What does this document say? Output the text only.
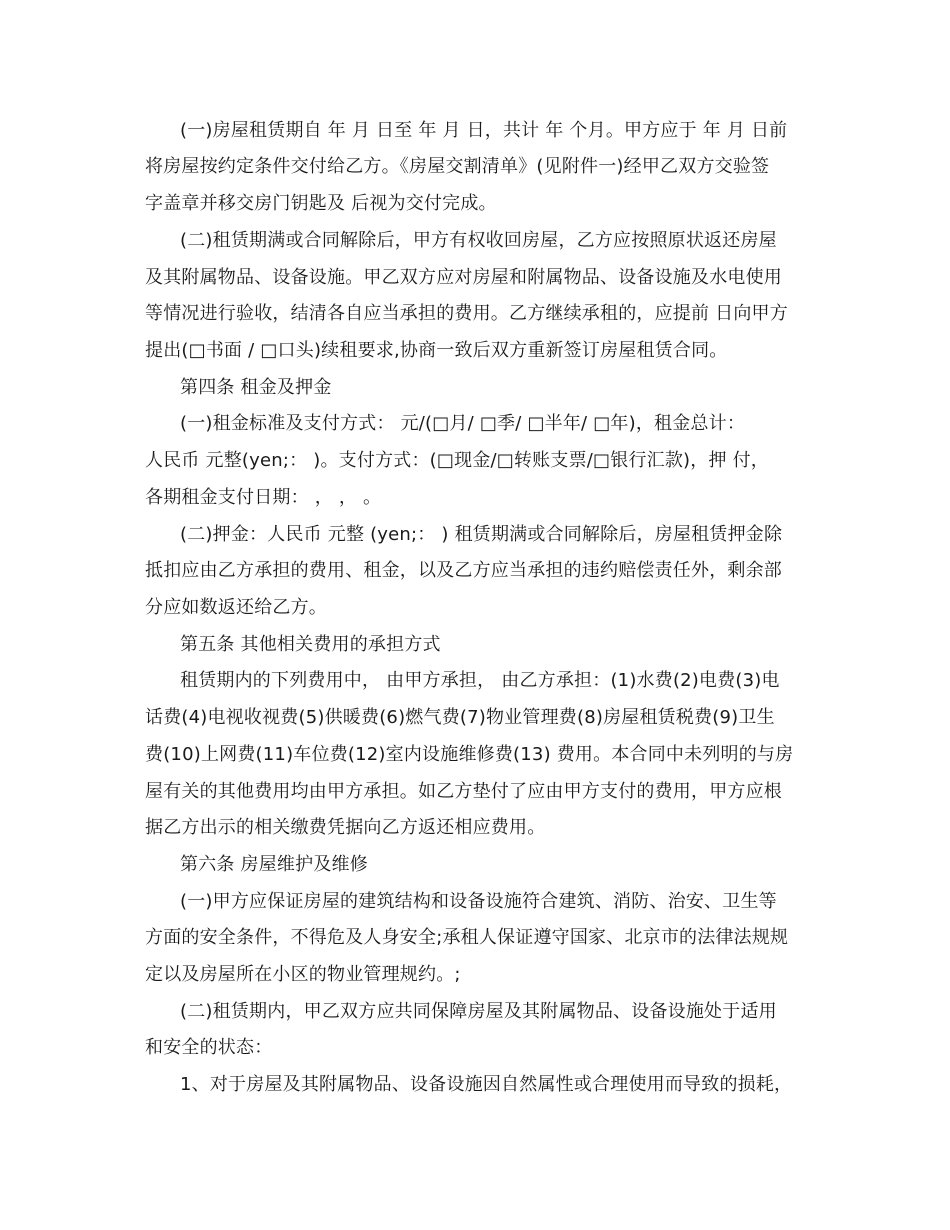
(一)房屋租赁期自 年 月 日至 年 月 日，共计 年 个月。甲方应于 年 月 日前

将房屋按约定条件交付给乙方。《房屋交割清单》(见附件一)经甲乙双方交验签

字盖章并移交房门钥匙及 后视为交付完成。

(二)租赁期满或合同解除后，甲方有权收回房屋，乙方应按照原状返还房屋

及其附属物品、设备设施。甲乙双方应对房屋和附属物品、设备设施及水电使用

等情况进行验收，结清各自应当承担的费用。乙方继续承租的，应提前 日向甲方

提出(□书面 / □口头)续租要求,协商一致后双方重新签订房屋租赁合同。

第四条 租金及押金

(一)租金标准及支付方式： 元/(□月/ □季/ □半年/ □年)，租金总计：

人民币 元整(yen;： )。支付方式：(□现金/□转账支票/□银行汇款)，押 付，

各期租金支付日期： ， ， 。

(二)押金：人民币 元整 (yen;： ) 租赁期满或合同解除后，房屋租赁押金除

抵扣应由乙方承担的费用、租金，以及乙方应当承担的违约赔偿责任外，剩余部

分应如数返还给乙方。

第五条 其他相关费用的承担方式

租赁期内的下列费用中， 由甲方承担， 由乙方承担：(1)水费(2)电费(3)电

话费(4)电视收视费(5)供暖费(6)燃气费(7)物业管理费(8)房屋租赁税费(9)卫生

费(10)上网费(11)车位费(12)室内设施维修费(13) 费用。本合同中未列明的与房

屋有关的其他费用均由甲方承担。如乙方垫付了应由甲方支付的费用，甲方应根

据乙方出示的相关缴费凭据向乙方返还相应费用。

第六条 房屋维护及维修

(一)甲方应保证房屋的建筑结构和设备设施符合建筑、消防、治安、卫生等

方面的安全条件，不得危及人身安全;承租人保证遵守国家、北京市的法律法规规

定以及房屋所在小区的物业管理规约。;

(二)租赁期内，甲乙双方应共同保障房屋及其附属物品、设备设施处于适用

和安全的状态：

1、对于房屋及其附属物品、设备设施因自然属性或合理使用而导致的损耗，
